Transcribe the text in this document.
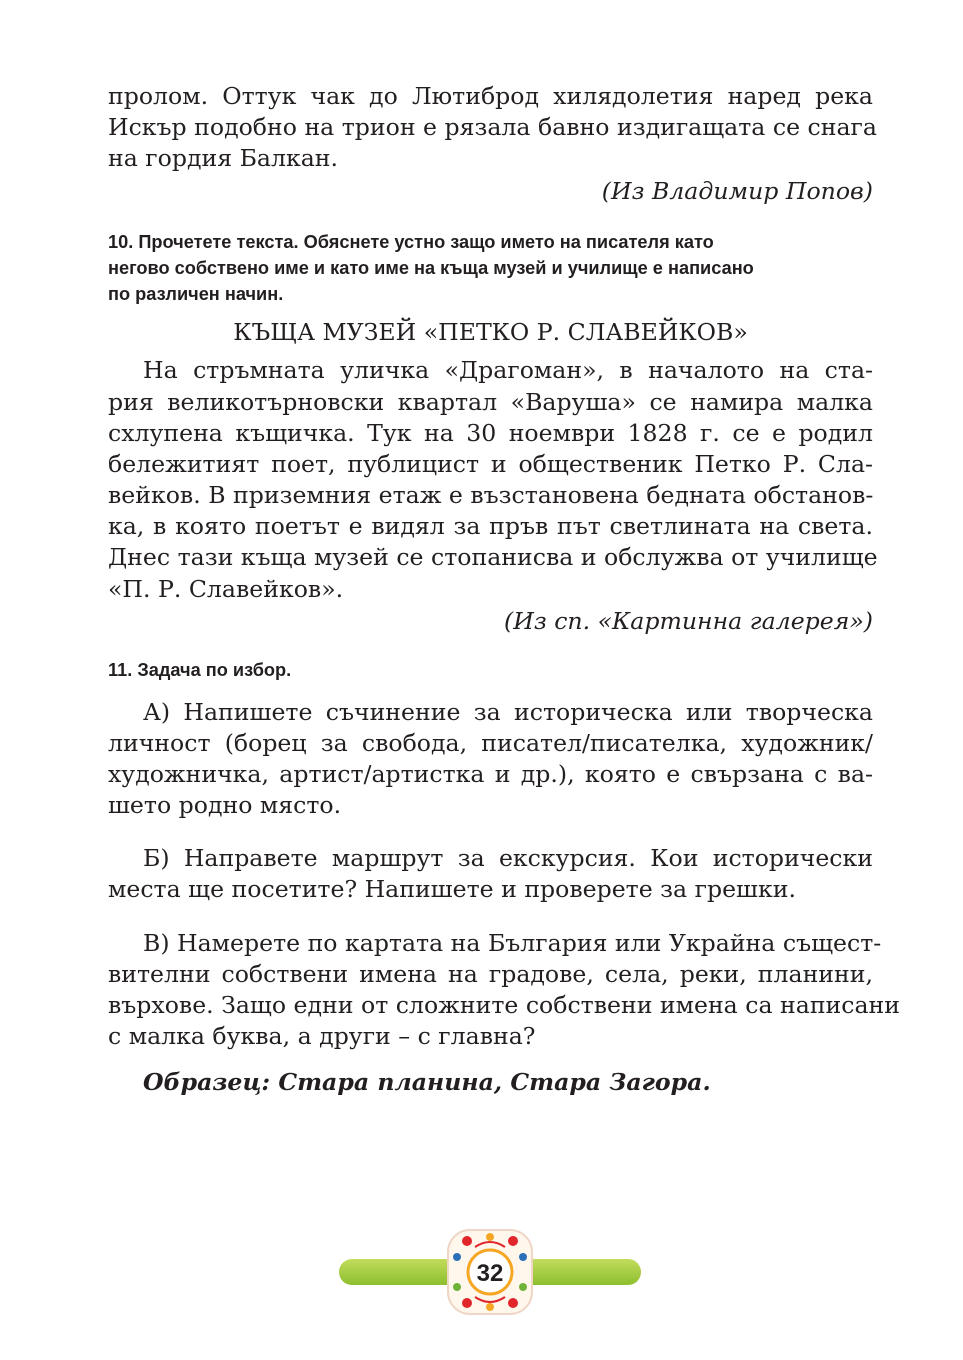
пролом. Оттук чак до Лютиброд хилядолетия наред река
Искър подобно на трион е рязала бавно издигащата се снага
на гордия Балкан.
(Из Владимир Попов)
10. Прочетете текста. Обяснете устно защо името на писателя като
негово собствено име и като име на къща музей и училище е написано
по различен начин.
КЪЩА МУЗЕЙ «ПЕТКО Р. СЛАВЕЙКОВ»
На стръмната уличка «Драгоман», в началото на ста-
рия великотърновски квартал «Варуша» се намира малка
схлупена къщичка. Тук на 30 ноември 1828 г. се е родил
бележитият поет, публицист и общественик Петко Р. Сла-
вейков. В приземния етаж е възстановена бедната обстанов-
ка, в която поетът е видял за пръв път светлината на света.
Днес тази къща музей се стопанисва и обслужва от училище
«П. Р. Славейков».
(Из сп. «Картинна галерея»)
11. Задача по избор.
А) Напишете съчинение за историческа или творческа
личност (борец за свобода, писател/писателка, художник/
художничка, артист/артистка и др.), която е свързана с ва-
шето родно място.
Б) Направете маршрут за екскурсия. Кои исторически
места ще посетите? Напишете и проверете за грешки.
В) Намерете по картата на България или Украйна същест-
вителни собствени имена на градове, села, реки, планини,
върхове. Защо едни от сложните собствени имена са написани
с малка буква, а други – с главна?
Образец: Стара планина, Стара Загора.
32
